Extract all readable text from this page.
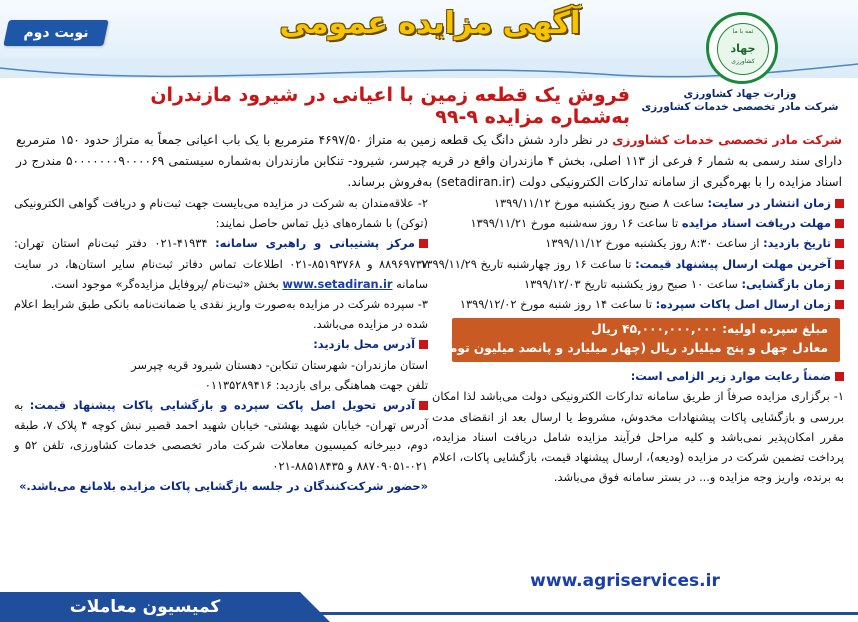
نوبت دوم	آگهی مزایده عمومی	ﺛﻤﻪ با ﻣﺎ
جهاد
کشاورزی
وزارت جهاد کشاورزی
شرکت مادر تخصصی خدمات کشاورزی
فروش یک قطعه زمین با اعیانی در شیرود مازندران به‌شماره مزایده ۹-۹۹
شرکت مادر تخصصی خدمات کشاورزی در نظر دارد شش دانگ یک قطعه زمین به متراژ ۴۶۹۷/۵۰ مترمربع با یک باب اعیانی جمعاً به متراژ حدود ۱۵۰ مترمربع دارای سند رسمی به شمار ۶ فرعی از ۱۱۳ اصلی، بخش ۴ مازندران واقع در قریه چپرسر، شیرود- تنکابن مازندران به‌شماره سیستمی ۵۰۰۰۰۰۰۰۹۰۰۰۰۶۹ مندرج در اسناد مزایده را با بهره‌گیری از سامانه تدارکات الکترونیکی دولت (setadiran.ir) به‌فروش برساند.
زمان انتشار در سایت: ساعت ۸ صبح روز یکشنبه مورخ ۱۳۹۹/۱۱/۱۲
مهلت دریافت اسناد مزایده تا ساعت ۱۶ روز سه‌شنبه مورخ ۱۳۹۹/۱۱/۲۱
تاریخ بازدید: از ساعت ۸:۳۰ روز یکشنبه مورخ ۱۳۹۹/۱۱/۱۲
آخرین مهلت ارسال پیشنهاد قیمت: تا ساعت ۱۶ روز چهارشنبه تاریخ ۱۳۹۹/۱۱/۲۹
زمان بازگشایی: ساعت ۱۰ صبح روز یکشنبه تاریخ ۱۳۹۹/۱۲/۰۳
زمان ارسال اصل پاکات سپرده: تا ساعت ۱۴ روز شنبه مورخ ۱۳۹۹/۱۲/۰۲
مبلغ سپرده اولیه: ۴۵,۰۰۰,۰۰۰,۰۰۰ ریال
معادل چهل و پنج میلیارد ریال (چهار میلیارد و پانصد میلیون تومان)
ضمناً رعایت موارد زیر الزامی است:
۱- برگزاری مزایده صرفاً از طریق سامانه تدارکات الکترونیکی دولت می‌باشد لذا امکان بررسی و بازگشایی پاکات پیشنهادات مخدوش، مشروط یا ارسال بعد از انقضای مدت مقرر امکان‌پذیر نمی‌باشد و کلیه مراحل فرآیند مزایده شامل دریافت اسناد مزایده، پرداخت تضمین شرکت در مزایده (ودیعه)، ارسال پیشنهاد قیمت، بازگشایی پاکات، اعلام به برنده، واریز وجه مزایده و... در بستر سامانه فوق می‌باشد.
۲- علاقه‌مندان به شرکت در مزایده می‌بایست جهت ثبت‌نام و دریافت گواهی الکترونیکی (توکن) با شماره‌های ذیل تماس حاصل نمایند:
مرکز پشتیبانی و راهبری سامانه: ۴۱۹۳۴-۰۲۱ دفتر ثبت‌نام استان تهران: ۸۸۹۶۹۷۳۷ و ۸۵۱۹۳۷۶۸-۰۲۱ اطلاعات تماس دفاتر ثبت‌نام سایر استان‌ها، در سایت سامانه www.setadiran.ir بخش «ثبت‌نام /پروفایل مزایده‌گر» موجود است.
۳- سپرده شرکت در مزایده به‌صورت واریز نقدی یا ضمانت‌نامه بانکی طبق شرایط اعلام شده در مزایده می‌باشد.
آدرس محل بازدید:
استان مازندران- شهرستان تنکابن- دهستان شیرود قریه چپرسر
تلفن جهت هماهنگی برای بازدید: ۰۱۱۳۵۲۸۹۴۱۶
آدرس تحویل اصل پاکت سپرده و بازگشایی پاکات پیشنهاد قیمت: به آدرس تهران- خیابان شهید بهشتی- خیابان شهید احمد قصیر نبش کوچه ۴ پلاک ۷، طبقه دوم، دبیرخانه کمیسیون معاملات شرکت مادر تخصصی خدمات کشاورزی، تلفن ۵۲ و ۰۲۱-۸۸۷۰۹۰۵۱ و ۸۸۵۱۸۴۳۵-۰۲۱
«حضور شرکت‌کنندگان در جلسه بازگشایی پاکات مزایده بلامانع می‌باشد.»
www.agriservices.ir
کمیسیون معاملات
